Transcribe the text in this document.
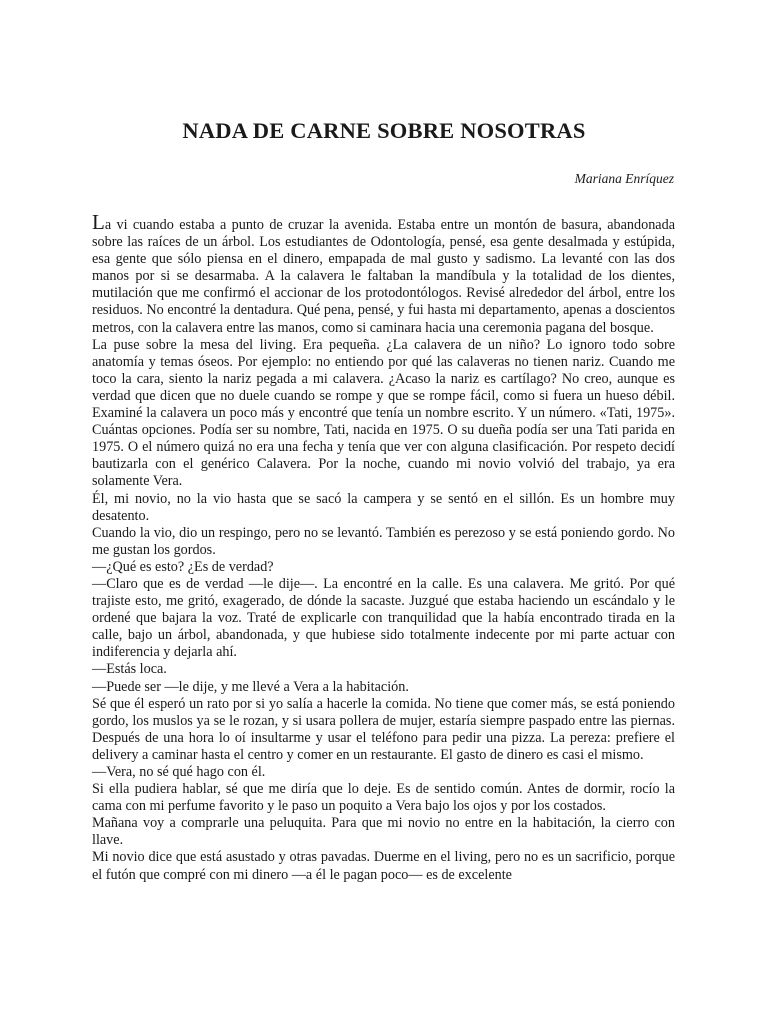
NADA DE CARNE SOBRE NOSOTRAS
Mariana Enríquez

La vi cuando estaba a punto de cruzar la avenida. Estaba entre un montón de basura, abandonada sobre las raíces de un árbol. Los estudiantes de Odontología, pensé, esa gente desalmada y estúpida, esa gente que sólo piensa en el dinero, empapada de mal gusto y sadismo. La levanté con las dos manos por si se desarmaba. A la calavera le faltaban la mandíbula y la totalidad de los dientes, mutilación que me confirmó el accionar de los protodontólogos. Revisé alrededor del árbol, entre los residuos. No encontré la dentadura. Qué pena, pensé, y fui hasta mi departamento, apenas a doscientos metros, con la calavera entre las manos, como si caminara hacia una ceremonia pagana del bosque.

La puse sobre la mesa del living. Era pequeña. ¿La calavera de un niño? Lo ignoro todo sobre anatomía y temas óseos. Por ejemplo: no entiendo por qué las calaveras no tienen nariz. Cuando me toco la cara, siento la nariz pegada a mi calavera. ¿Acaso la nariz es cartílago? No creo, aunque es verdad que dicen que no duele cuando se rompe y que se rompe fácil, como si fuera un hueso débil. Examiné la calavera un poco más y encontré que tenía un nombre escrito. Y un número. «Tati, 1975». Cuántas opciones. Podía ser su nombre, Tati, nacida en 1975. O su dueña podía ser una Tati parida en 1975. O el número quizá no era una fecha y tenía que ver con alguna clasificación. Por respeto decidí bautizarla con el genérico Calavera. Por la noche, cuando mi novio volvió del trabajo, ya era solamente Vera.

Él, mi novio, no la vio hasta que se sacó la campera y se sentó en el sillón. Es un hombre muy desatento.

Cuando la vio, dio un respingo, pero no se levantó. También es perezoso y se está poniendo gordo. No me gustan los gordos.

—¿Qué es esto? ¿Es de verdad?

—Claro que es de verdad —le dije—. La encontré en la calle. Es una calavera. Me gritó. Por qué trajiste esto, me gritó, exagerado, de dónde la sacaste. Juzgué que estaba haciendo un escándalo y le ordené que bajara la voz. Traté de explicarle con tranquilidad que la había encontrado tirada en la calle, bajo un árbol, abandonada, y que hubiese sido totalmente indecente por mi parte actuar con indiferencia y dejarla ahí.

—Estás loca.

—Puede ser —le dije, y me llevé a Vera a la habitación.

Sé que él esperó un rato por si yo salía a hacerle la comida. No tiene que comer más, se está poniendo gordo, los muslos ya se le rozan, y si usara pollera de mujer, estaría siempre paspado entre las piernas. Después de una hora lo oí insultarme y usar el teléfono para pedir una pizza. La pereza: prefiere el delivery a caminar hasta el centro y comer en un restaurante. El gasto de dinero es casi el mismo.

—Vera, no sé qué hago con él.

Si ella pudiera hablar, sé que me diría que lo deje. Es de sentido común. Antes de dormir, rocío la cama con mi perfume favorito y le paso un poquito a Vera bajo los ojos y por los costados.

Mañana voy a comprarle una peluquita. Para que mi novio no entre en la habitación, la cierro con llave.

Mi novio dice que está asustado y otras pavadas. Duerme en el living, pero no es un sacrificio, porque el futón que compré con mi dinero —a él le pagan poco— es de excelente
